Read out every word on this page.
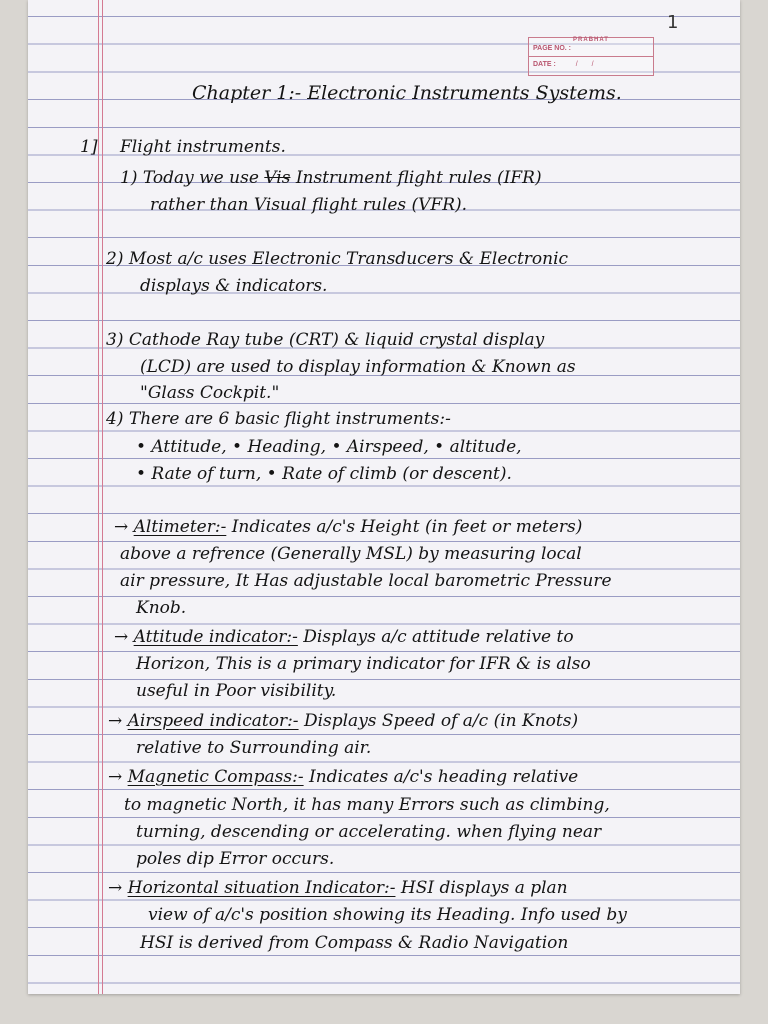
1
PRABHAT
PAGE NO. :
DATE :	/ /
Chapter 1:- Electronic Instruments Systems.
1] Flight instruments.
1) Today we use Vis Instrument flight rules (IFR)
rather than Visual flight rules (VFR).
2) Most a/c uses Electronic Transducers & Electronic
displays & indicators.
3) Cathode Ray tube (CRT) & liquid crystal display
(LCD) are used to display information & Known as
"Glass Cockpit."
4) There are 6 basic flight instruments:-
• Attitude, • Heading, • Airspeed, • altitude,
• Rate of turn, • Rate of climb (or descent).
→ Altimeter:- Indicates a/c's Height (in feet or meters)
above a refrence (Generally MSL) by measuring local
air pressure, It Has adjustable local barometric Pressure
Knob.
→ Attitude indicator:- Displays a/c attitude relative to
Horizon, This is a primary indicator for IFR & is also
useful in Poor visibility.
→ Airspeed indicator:- Displays Speed of a/c (in Knots)
relative to Surrounding air.
→ Magnetic Compass:- Indicates a/c's heading relative
to magnetic North, it has many Errors such as climbing,
turning, descending or accelerating. when flying near
poles dip Error occurs.
→ Horizontal situation Indicator:- HSI displays a plan
view of a/c's position showing its Heading. Info used by
HSI is derived from Compass & Radio Navigation
